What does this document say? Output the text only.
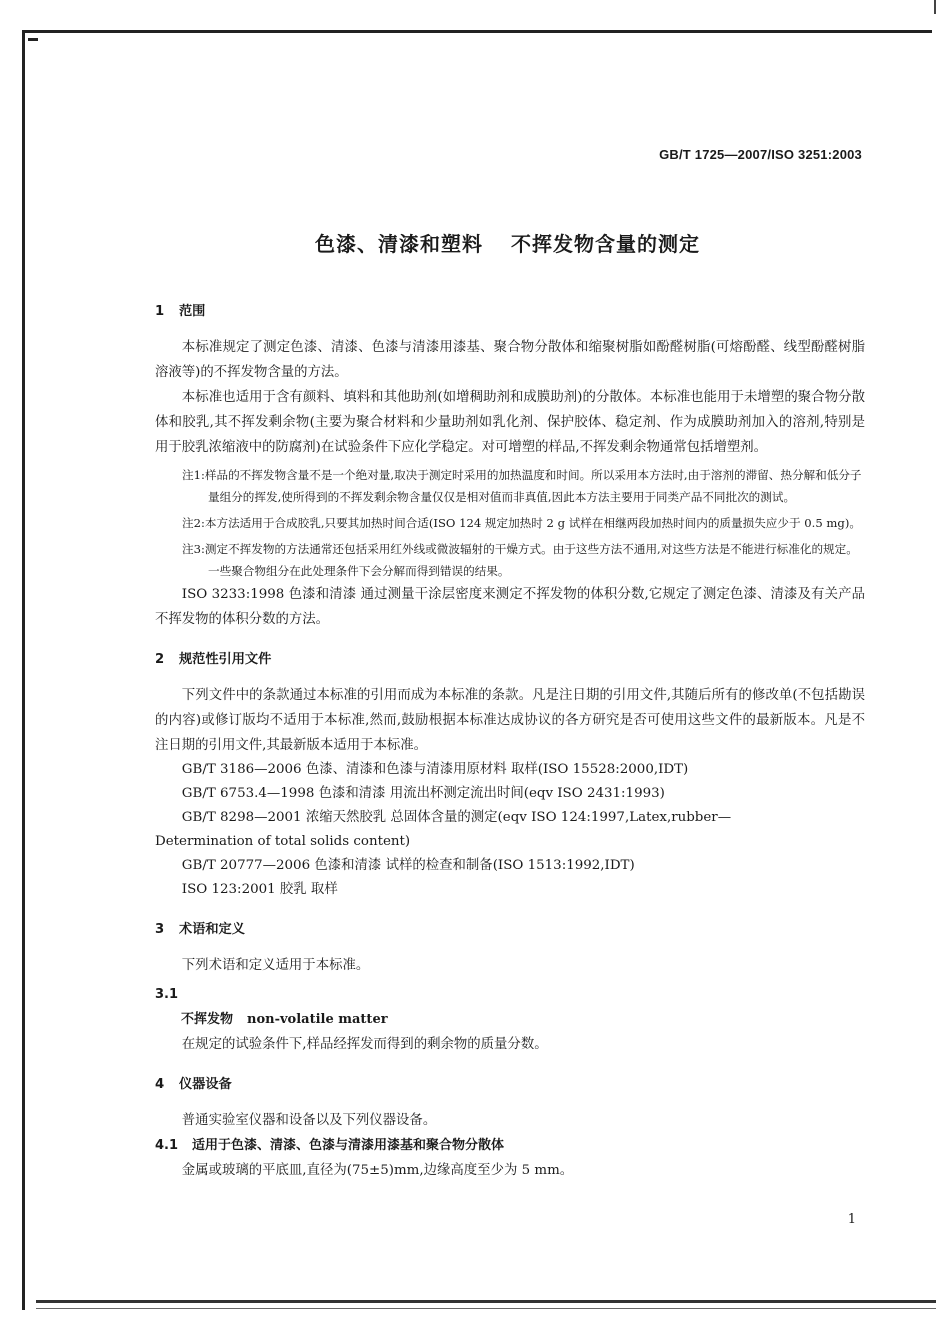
GB/T 1725—2007/ISO 3251:2003
色漆、清漆和塑料 不挥发物含量的测定

1 范围

本标准规定了测定色漆、清漆、色漆与清漆用漆基、聚合物分散体和缩聚树脂如酚醛树脂(可熔酚醛、线型酚醛树脂溶液等)的不挥发物含量的方法。

本标准也适用于含有颜料、填料和其他助剂(如增稠助剂和成膜助剂)的分散体。本标准也能用于未增塑的聚合物分散体和胶乳,其不挥发剩余物(主要为聚合材料和少量助剂如乳化剂、保护胶体、稳定剂、作为成膜助剂加入的溶剂,特别是用于胶乳浓缩液中的防腐剂)在试验条件下应化学稳定。对可增塑的样品,不挥发剩余物通常包括增塑剂。

注1:样品的不挥发物含量不是一个绝对量,取决于测定时采用的加热温度和时间。所以采用本方法时,由于溶剂的滞留、热分解和低分子量组分的挥发,使所得到的不挥发剩余物含量仅仅是相对值而非真值,因此本方法主要用于同类产品不同批次的测试。

注2:本方法适用于合成胶乳,只要其加热时间合适(ISO 124 规定加热时 2 g 试样在相继两段加热时间内的质量损失应少于 0.5 mg)。

注3:测定不挥发物的方法通常还包括采用红外线或微波辐射的干燥方式。由于这些方法不通用,对这些方法是不能进行标准化的规定。一些聚合物组分在此处理条件下会分解而得到错误的结果。

ISO 3233:1998 色漆和清漆 通过测量干涂层密度来测定不挥发物的体积分数,它规定了测定色漆、清漆及有关产品不挥发物的体积分数的方法。

2 规范性引用文件

下列文件中的条款通过本标准的引用而成为本标准的条款。凡是注日期的引用文件,其随后所有的修改单(不包括勘误的内容)或修订版均不适用于本标准,然而,鼓励根据本标准达成协议的各方研究是否可使用这些文件的最新版本。凡是不注日期的引用文件,其最新版本适用于本标准。

GB/T 3186—2006 色漆、清漆和色漆与清漆用原材料 取样(ISO 15528:2000,IDT)

GB/T 6753.4—1998 色漆和清漆 用流出杯测定流出时间(eqv ISO 2431:1993)

GB/T 8298—2001 浓缩天然胶乳 总固体含量的测定(eqv ISO 124:1997,Latex,rubber—

Determination of total solids content)

GB/T 20777—2006 色漆和清漆 试样的检查和制备(ISO 1513:1992,IDT)

ISO 123:2001 胶乳 取样

3 术语和定义

下列术语和定义适用于本标准。

3.1

不挥发物 non-volatile matter

在规定的试验条件下,样品经挥发而得到的剩余物的质量分数。

4 仪器设备

普通实验室仪器和设备以及下列仪器设备。

4.1 适用于色漆、清漆、色漆与清漆用漆基和聚合物分散体

金属或玻璃的平底皿,直径为(75±5)mm,边缘高度至少为 5 mm。

1
